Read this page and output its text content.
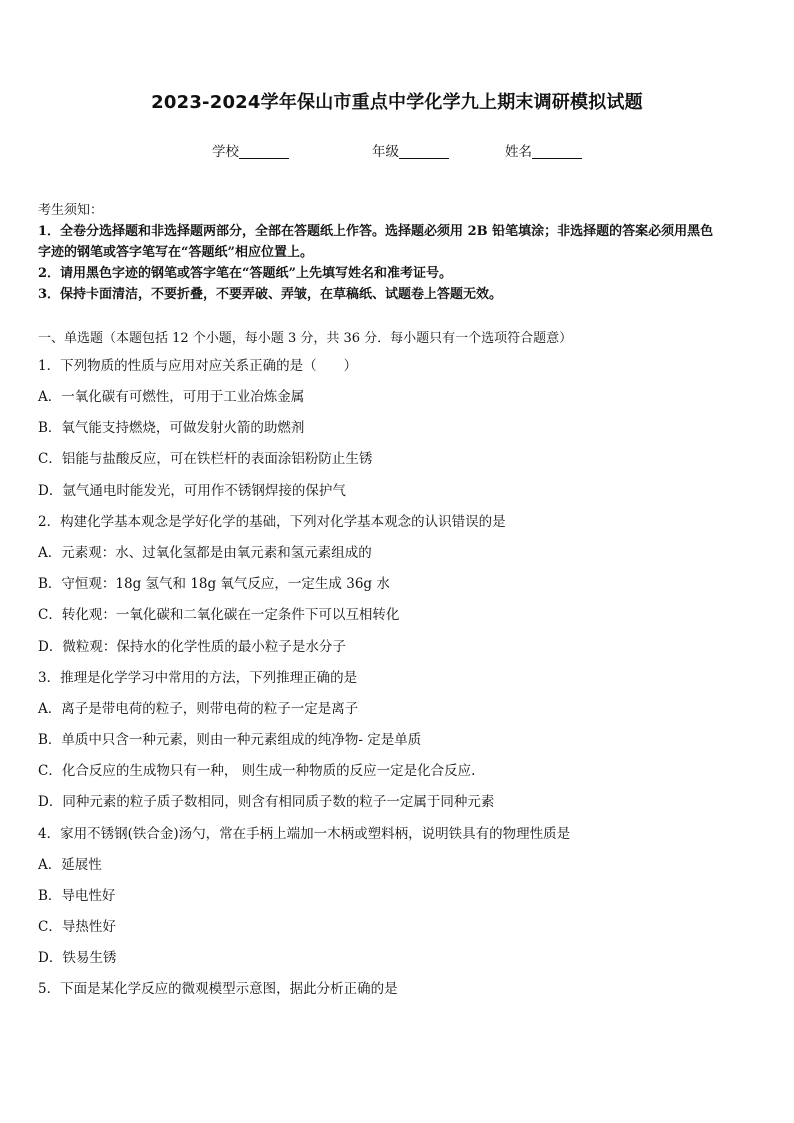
2023-2024学年保山市重点中学化学九上期末调研模拟试题
学校	年级	姓名
考生须知：
1．全卷分选择题和非选择题两部分，全部在答题纸上作答。选择题必须用 2B 铅笔填涂；非选择题的答案必须用黑色
字迹的钢笔或答字笔写在“答题纸”相应位置上。
2．请用黑色字迹的钢笔或答字笔在“答题纸”上先填写姓名和准考证号。
3．保持卡面清洁，不要折叠，不要弄破、弄皱，在草稿纸、试题卷上答题无效。
一、单选题（本题包括 12 个小题，每小题 3 分，共 36 分．每小题只有一个选项符合题意）
1．下列物质的性质与应用对应关系正确的是（　　）
A．一氧化碳有可燃性，可用于工业冶炼金属
B．氧气能支持燃烧，可做发射火箭的助燃剂
C．铝能与盐酸反应，可在铁栏杆的表面涂铝粉防止生锈
D．氩气通电时能发光，可用作不锈钢焊接的保护气
2．构建化学基本观念是学好化学的基础，下列对化学基本观念的认识错误的是
A．元素观：水、过氧化氢都是由氧元素和氢元素组成的
B．守恒观：18g 氢气和 18g 氧气反应，一定生成 36g 水
C．转化观：一氧化碳和二氧化碳在一定条件下可以互相转化
D．微粒观：保持水的化学性质的最小粒子是水分子
3．推理是化学学习中常用的方法，下列推理正确的是
A．离子是带电荷的粒子，则带电荷的粒子一定是离子
B．单质中只含一种元素，则由一种元素组成的纯净物- 定是单质
C．化合反应的生成物只有一种， 则生成一种物质的反应一定是化合反应.
D．同种元素的粒子质子数相同，则含有相同质子数的粒子一定属于同种元素
4．家用不锈钢(铁合金)汤勺，常在手柄上端加一木柄或塑料柄，说明铁具有的物理性质是
A．延展性
B．导电性好
C．导热性好
D．铁易生锈
5．下面是某化学反应的微观模型示意图，据此分析正确的是
